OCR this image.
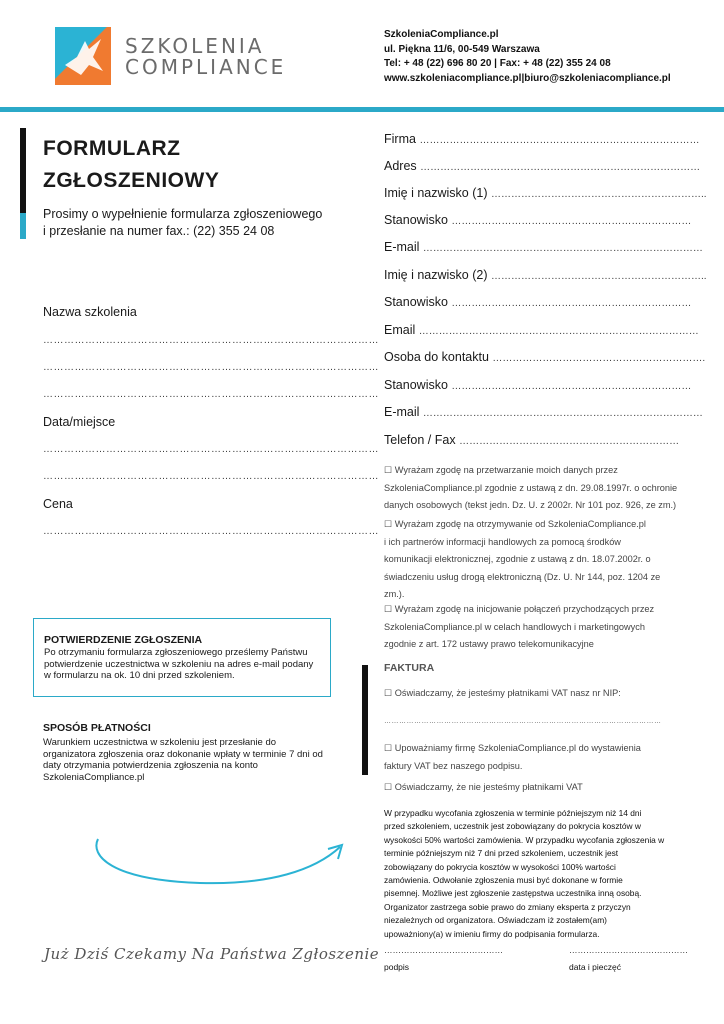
SZKOLENIA
COMPLIANCE
SzkoleniaCompliance.pl
ul. Piękna 11/6, 00-549 Warszawa
Tel: + 48 (22) 696 80 20 | Fax: + 48 (22) 355 24 08
www.szkoleniacompliance.pl|biuro@szkoleniacompliance.pl
FORMULARZ
ZGŁOSZENIOWY
Prosimy o wypełnienie formularza zgłoszeniowego
i przesłanie na numer fax.: (22) 355 24 08
Nazwa szkolenia
……………………………………………………………………………………
……………………………………………………………………………………
……………………………………………………………………………………
Data/miejsce
……………………………………………………………………………………
……………………………………………………………………………………
Cena
……………………………………………………………………………………
POTWIERDZENIE ZGŁOSZENIA
Po otrzymaniu formularza zgłoszeniowego prześlemy Państwu potwierdzenie uczestnictwa w szkoleniu na adres e-mail podany w formularzu na ok. 10 dni przed szkoleniem.
SPOSÓB PŁATNOŚCI
Warunkiem uczestnictwa w szkoleniu jest przesłanie do organizatora zgłoszenia oraz dokonanie wpłaty w terminie 7 dni od daty otrzymania potwierdzenia zgłoszenia na konto SzkoleniaCompliance.pl
Już Dziś Czekamy Na Państwa Zgłoszenie
Firma …………………………………………………………………………
Adres …………………………………………………………………………
Imię i nazwisko (1) ………………………………………………………..
Stanowisko ………………………………………………………………
E-mail …………………………………………………………………………
Imię i nazwisko (2) ………………………………………………………..
Stanowisko ………………………………………………………………
Email …………………………………………………………………………
Osoba do kontaktu ……………………………………………………….
Stanowisko ………………………………………………………………
E-mail …………………………………………………………………………
Telefon / Fax …………………………………………………………
☐ Wyrażam zgodę na przetwarzanie moich danych przez
SzkoleniaCompliance.pl zgodnie z ustawą z dn. 29.08.1997r. o ochronie
danych osobowych (tekst jedn. Dz. U. z 2002r. Nr 101 poz. 926, ze zm.)
☐ Wyrażam zgodę na otrzymywanie od SzkoleniaCompliance.pl
i ich partnerów informacji handlowych za pomocą środków
komunikacji elektronicznej, zgodnie z ustawą z dn. 18.07.2002r. o
świadczeniu usług drogą elektroniczną (Dz. U. Nr 144, poz. 1204 ze
zm.).
☐ Wyrażam zgodę na inicjowanie połączeń przychodzących przez
SzkoleniaCompliance.pl w celach handlowych i marketingowych
zgodnie z art. 172 ustawy prawo telekomunikacyjne
FAKTURA
☐ Oświadczamy, że jesteśmy płatnikami VAT nasz nr NIP:
…………………………………………………………………………………………………
☐ Upoważniamy firmę SzkoleniaCompliance.pl do wystawienia
faktury VAT bez naszego podpisu.
☐ Oświadczamy, że nie jesteśmy płatnikami VAT
W przypadku wycofania zgłoszenia w terminie późniejszym niż 14 dni
przed szkoleniem, uczestnik jest zobowiązany do pokrycia kosztów w
wysokości 50% wartości zamówienia. W przypadku wycofania zgłoszenia w
terminie późniejszym niż 7 dni przed szkoleniem, uczestnik jest
zobowiązany do pokrycia kosztów w wysokości 100% wartości
zamówienia. Odwołanie zgłoszenia musi być dokonane w formie
pisemnej. Możliwe jest zgłoszenie zastępstwa uczestnika inną osobą.
Organizator zastrzega sobie prawo do zmiany eksperta z przyczyn
niezależnych od organizatora. Oświadczam iż zostałem(am)
upoważniony(a) w imieniu firmy do podpisania formularza.
……………………………………	……………………………………
podpis	data i pieczęć
